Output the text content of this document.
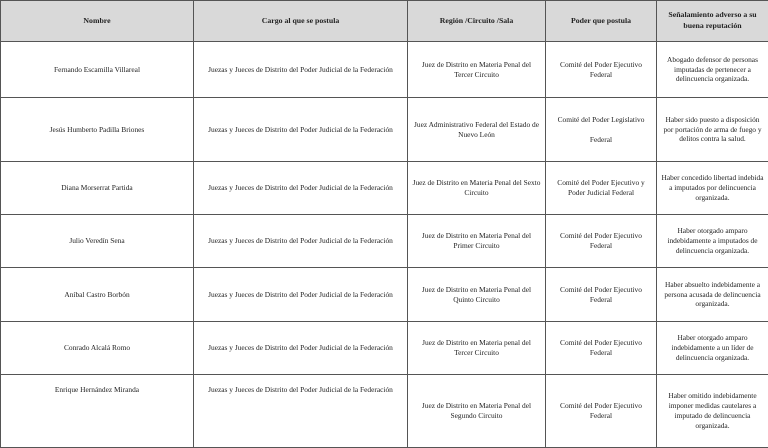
Nombre	Cargo al que se postula	Región /Circuito /Sala	Poder que postula	Señalamiento adverso a su buena reputación
Fernando Escamilla Villareal	Juezas y Jueces de Distrito del Poder Judicial de la Federación	Juez de Distrito en Materia Penal del Tercer Circuito	Comité del Poder Ejecutivo Federal	Abogado defensor de personas imputadas de pertenecer a delincuencia organizada.
Jesús Humberto Padilla Briones	Juezas y Jueces de Distrito del Poder Judicial de la Federación	Juez Administrativo Federal del Estado de Nuevo León	Comité del Poder Legislativo Federal	Haber sido puesto a disposición por portación de arma de fuego y delitos contra la salud.
Diana Morserrat Partida	Juezas y Jueces de Distrito del Poder Judicial de la Federación	Juez de Distrito en Materia Penal del Sexto Circuito	Comité del Poder Ejecutivo y Poder Judicial Federal	Haber concedido libertad indebida a imputados por delincuencia organizada.
Julio Veredín Sena	Juezas y Jueces de Distrito del Poder Judicial de la Federación	Juez de Distrito en Materia Penal del Primer Circuito	Comité del Poder Ejecutivo Federal	Haber otorgado amparo indebidamente a imputados de delincuencia organizada.
Aníbal Castro Borbón	Juezas y Jueces de Distrito del Poder Judicial de la Federación	Juez de Distrito en Materia Penal del Quinto Circuito	Comité del Poder Ejecutivo Federal	Haber absuelto indebidamente a persona acusada de delincuencia organizada.
Conrado Alcalá Romo	Juezas y Jueces de Distrito del Poder Judicial de la Federación	Juez de Distrito en Materia penal del Tercer Circuito	Comité del Poder Ejecutivo Federal	Haber otorgado amparo indebidamente a un líder de delincuencia organizada.
Enrique Hernández Miranda	Juezas y Jueces de Distrito del Poder Judicial de la Federación	Juez de Distrito en Materia Penal del Segundo Circuito	Comité del Poder Ejecutivo Federal	Haber omitido indebidamente imponer medidas cautelares a imputado de delincuencia organizada.
